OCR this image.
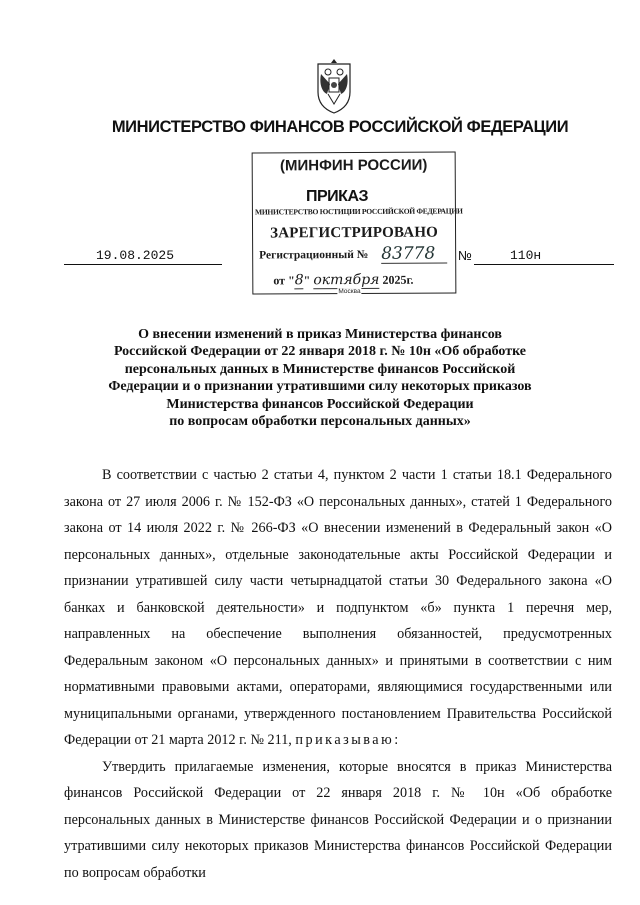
МИНИСТЕРСТВО ФИНАНСОВ РОССИЙСКОЙ ФЕДЕРАЦИИ
(МИНФИН РОССИИ)
МИНИСТЕРСТВО ЮСТИЦИИ РОССИЙСКОЙ ФЕДЕРАЦИИ
ЗАРЕГИСТРИРОВАНО
Регистрационный № 83778
от "8" октября 2025г.
Москва
ПРИКАЗ
19.08.2025	№	110н
О внесении изменений в приказ Министерства финансов
Российской Федерации от 22 января 2018 г. № 10н «Об обработке
персональных данных в Министерстве финансов Российской
Федерации и о признании утратившими силу некоторых приказов
Министерства финансов Российской Федерации
по вопросам обработки персональных данных»

В соответствии с частью 2 статьи 4, пунктом 2 части 1 статьи 18.1 Федерального закона от 27 июля 2006 г. № 152-ФЗ «О персональных данных», статей 1 Федерального закона от 14 июля 2022 г. № 266-ФЗ «О внесении изменений в Федеральный закон «О персональных данных», отдельные законодательные акты Российской Федерации и признании утратившей силу части четырнадцатой статьи 30 Федерального закона «О банках и банковской деятельности» и подпунктом «б» пункта 1 перечня мер, направленных на обеспечение выполнения обязанностей, предусмотренных Федеральным законом «О персональных данных» и принятыми в соответствии с ним нормативными правовыми актами, операторами, являющимися государственными или муниципальными органами, утвержденного постановлением Правительства Российской Федерации от 21 марта 2012 г. № 211, приказываю:

Утвердить прилагаемые изменения, которые вносятся в приказ Министерства финансов Российской Федерации от 22 января 2018 г. № 10н «Об обработке персональных данных в Министерстве финансов Российской Федерации и о признании утратившими силу некоторых приказов Министерства финансов Российской Федерации по вопросам обработки
